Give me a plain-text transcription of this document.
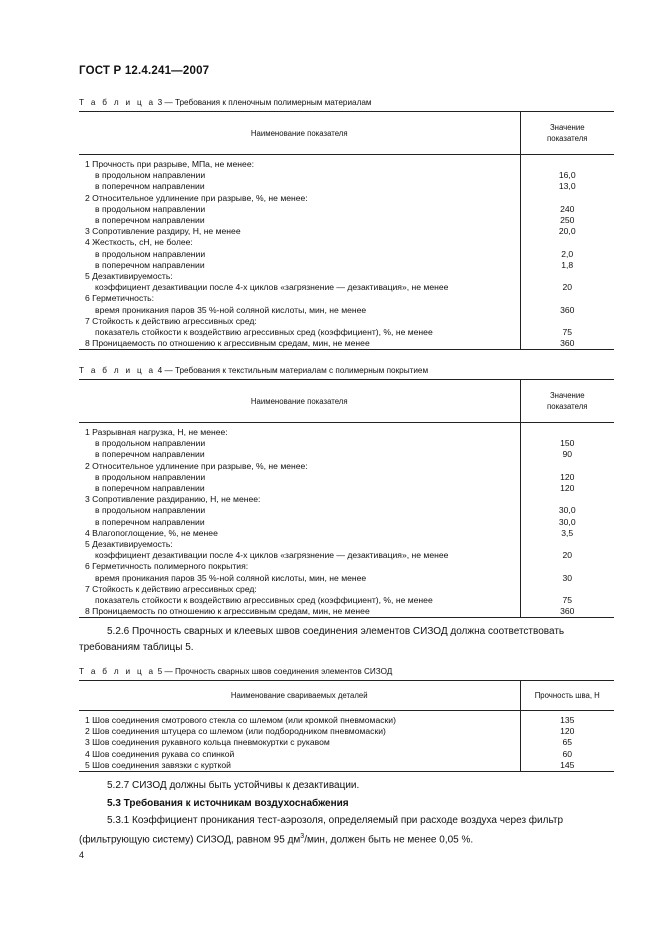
ГОСТ Р 12.4.241—2007
Т а б л и ц а 3 — Требования к пленочным полимерным материалам
Наименование показателя	Значение
показателя

1 Прочность при разрыве, МПа, не менее:	
в продольном направлении	16,0
в поперечном направлении	13,0
2 Относительное удлинение при разрыве, %, не менее:	
в продольном направлении	240
в поперечном направлении	250
3 Сопротивление раздиру, Н, не менее	20,0
4 Жесткость, сН, не более:	
в продольном направлении	2,0
в поперечном направлении	1,8
5 Дезактивируемость:	
коэффициент дезактивации после 4-х циклов «загрязнение — дезактивация», не менее	20
6 Герметичность:	
время проникания паров 35 %-ной соляной кислоты, мин, не менее	360
7 Стойкость к действию агрессивных сред:	
показатель стойкости к воздействию агрессивных сред (коэффициент), %, не менее	75
8 Проницаемость по отношению к агрессивным средам, мин, не менее	360
Т а б л и ц а 4 — Требования к текстильным материалам с полимерным покрытием
Наименование показателя	Значение
показателя

1 Разрывная нагрузка, Н, не менее:	
в продольном направлении	150
в поперечном направлении	90
2 Относительное удлинение при разрыве, %, не менее:	
в продольном направлении	120
в поперечном направлении	120
3 Сопротивление раздиранию, Н, не менее:	
в продольном направлении	30,0
в поперечном направлении	30,0
4 Влагопоглощение, %, не менее	3,5
5 Дезактивируемость:	
коэффициент дезактивации после 4-х циклов «загрязнение — дезактивация», не менее	20
6 Герметичность полимерного покрытия:	
время проникания паров 35 %-ной соляной кислоты, мин, не менее	30
7 Стойкость к действию агрессивных сред:	
показатель стойкости к воздействию агрессивных сред (коэффициент), %, не менее	75
8 Проницаемость по отношению к агрессивным средам, мин, не менее	360
5.2.6 Прочность сварных и клеевых швов соединения элементов СИЗОД должна соответствовать требованиям таблицы 5.
Т а б л и ц а 5 — Прочность сварных швов соединения элементов СИЗОД
Наименование свариваемых деталей	Прочность шва, Н

1 Шов соединения смотрового стекла со шлемом (или кромкой пневмомаски)	135
2 Шов соединения штуцера со шлемом (или подбородником пневмомаски)	120
3 Шов соединения рукавного кольца пневмокуртки с рукавом	65
4 Шов соединения рукава со спинкой	60
5 Шов соединения завязки с курткой	145
5.2.7 СИЗОД должны быть устойчивы к дезактивации.
5.3 Требования к источникам воздухоснабжения
5.3.1 Коэффициент проникания тест-аэрозоля, определяемый при расходе воздуха через фильтр (фильтрующую систему) СИЗОД, равном 95 $дм^3$/мин, должен быть не менее 0,05 %.
4
